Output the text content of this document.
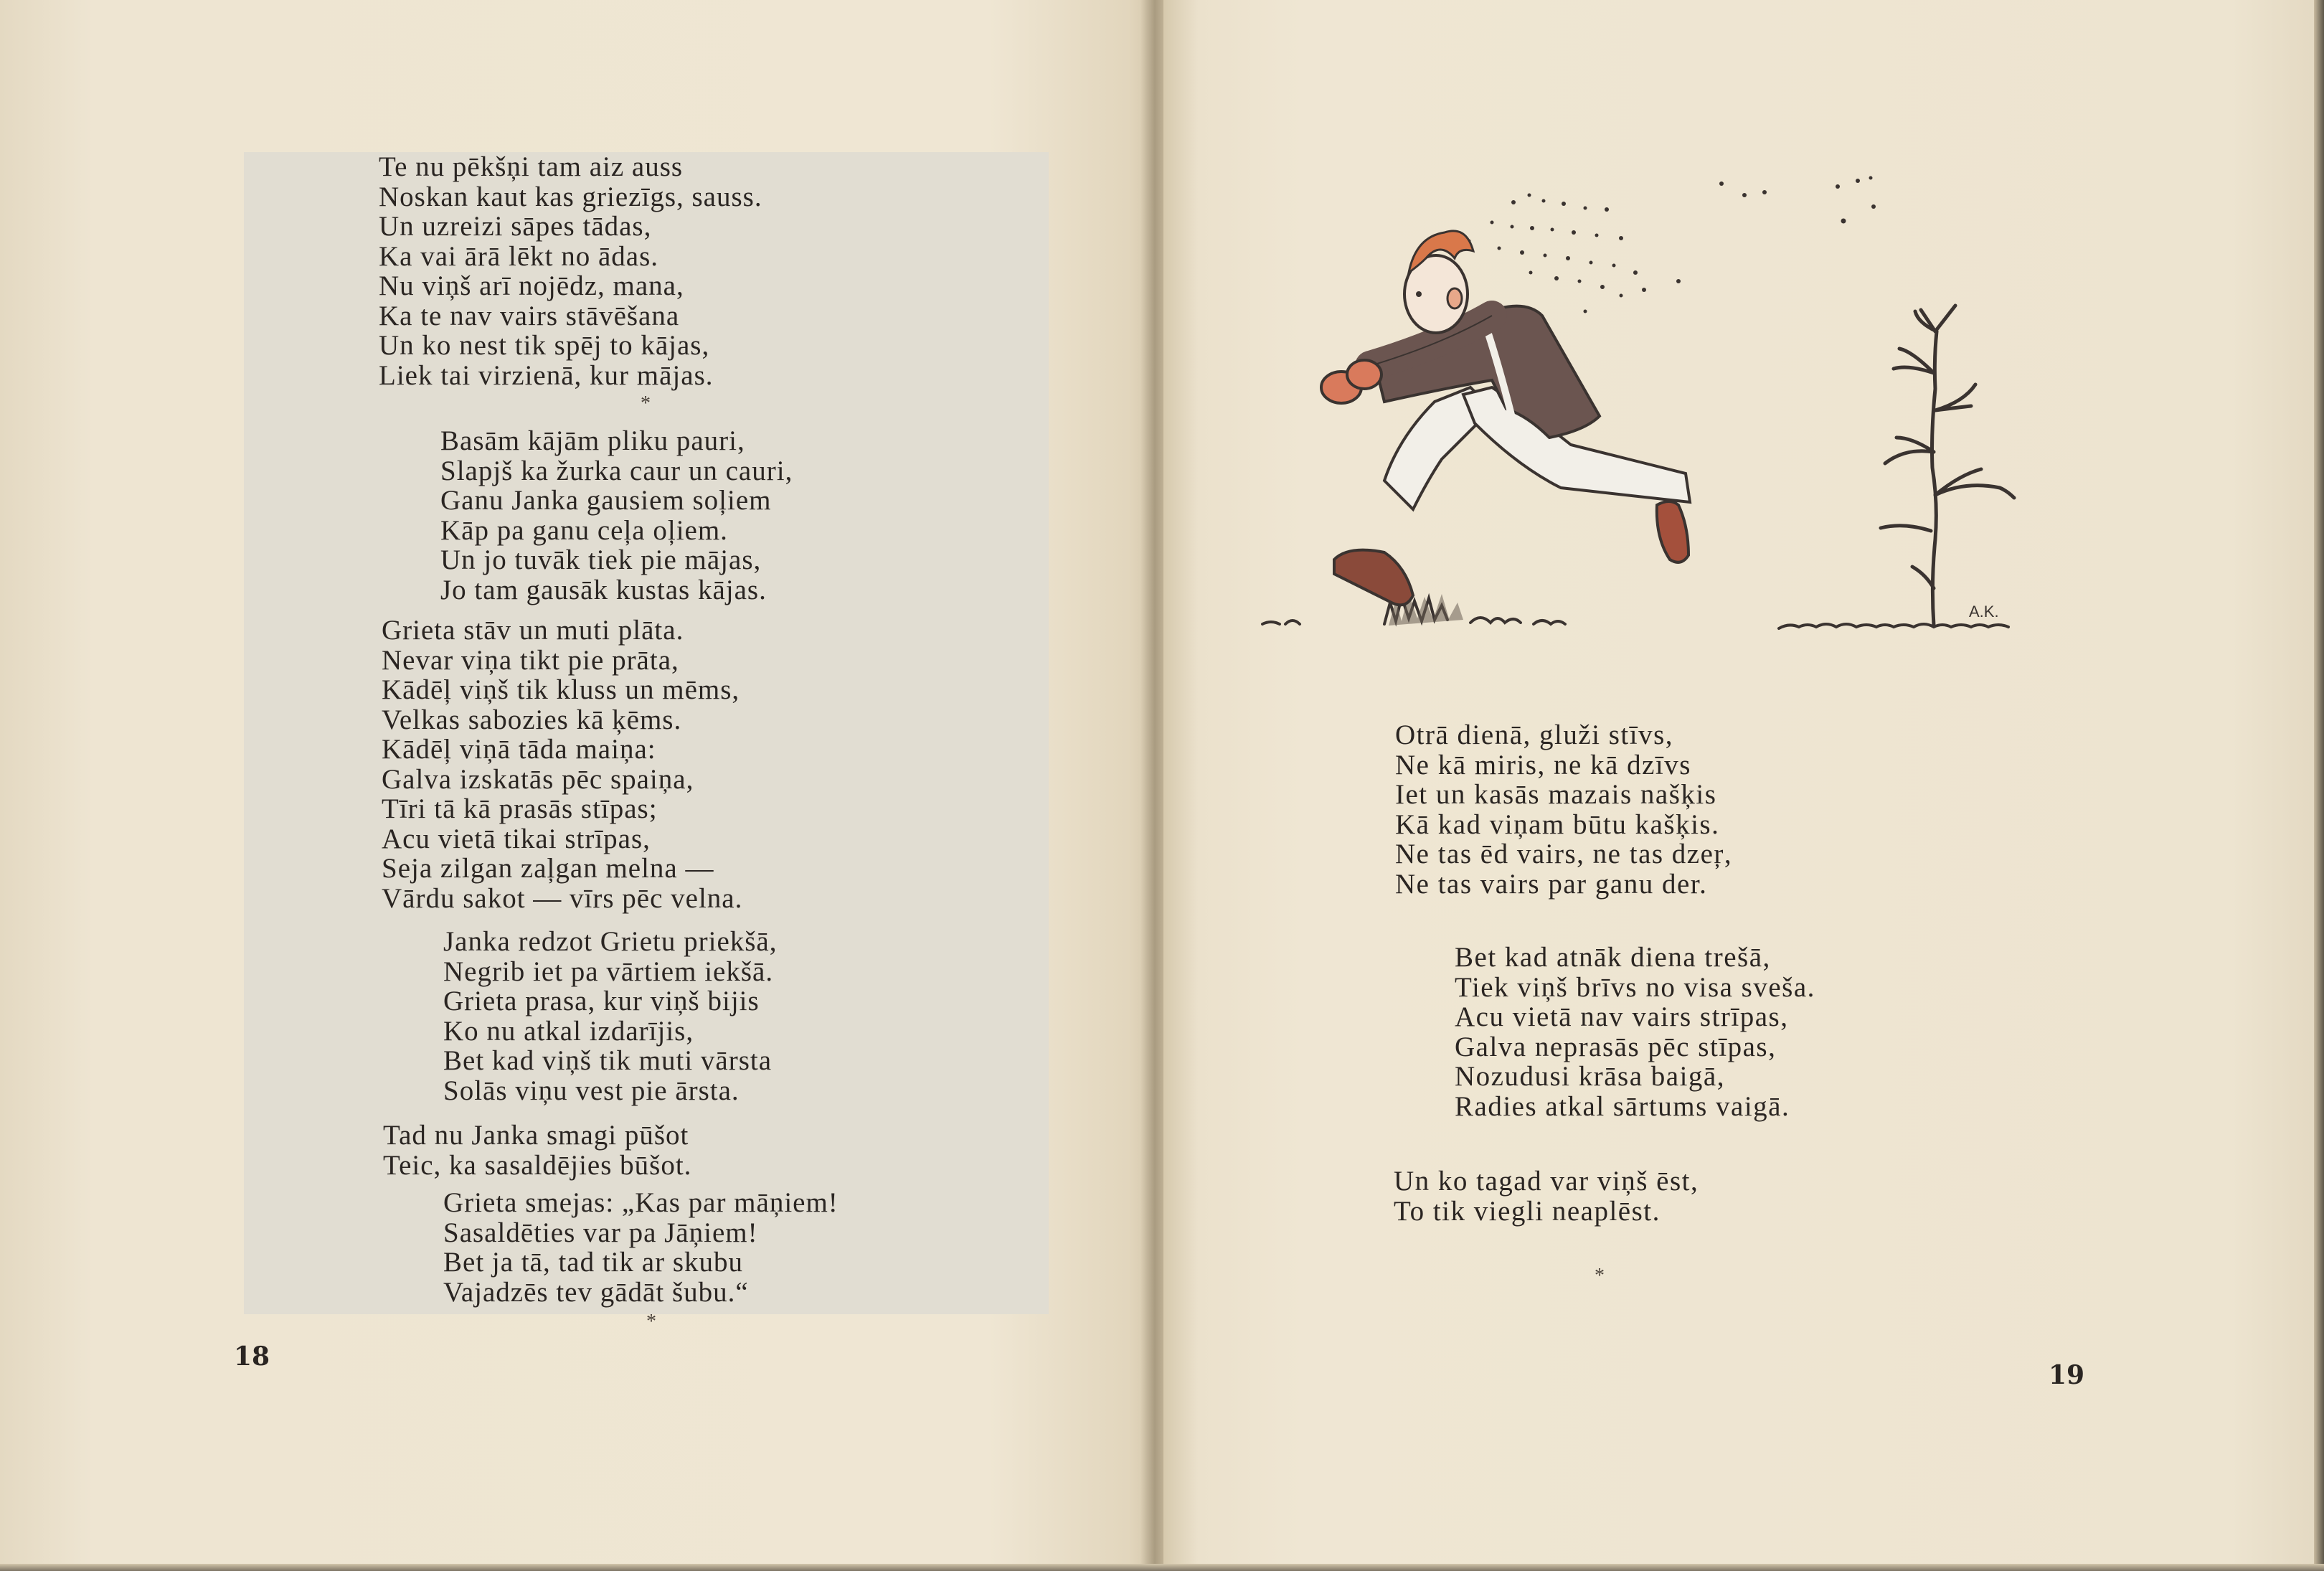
Te nu pēkšņi tam aiz auss
Noskan kaut kas griezīgs, sauss.
Un uzreizi sāpes tādas,
Ka vai ārā lēkt no ādas.
Nu viņš arī nojēdz, mana,
Ka te nav vairs stāvēšana
Un ko nest tik spēj to kājas,
Liek tai virzienā, kur mājas.
*
Basām kājām pliku pauri,
Slapjš ka žurka caur un cauri,
Ganu Janka gausiem soļiem
Kāp pa ganu ceļa oļiem.
Un jo tuvāk tiek pie mājas,
Jo tam gausāk kustas kājas.
Grieta stāv un muti plāta.
Nevar viņa tikt pie prāta,
Kādēļ viņš tik kluss un mēms,
Velkas sabozies kā ķēms.
Kādēļ viņā tāda maiņa:
Galva izskatās pēc spaiņa,
Tīri tā kā prasās stīpas;
Acu vietā tikai strīpas,
Seja zilgan zaļgan melna —
Vārdu sakot — vīrs pēc velna.
Janka redzot Grietu priekšā,
Negrib iet pa vārtiem iekšā.
Grieta prasa, kur viņš bijis
Ko nu atkal izdarījis,
Bet kad viņš tik muti vārsta
Solās viņu vest pie ārsta.
Tad nu Janka smagi pūšot
Teic, ka sasaldējies būšot.
Grieta smejas: „Kas par māņiem!
Sasaldēties var pa Jāņiem!
Bet ja tā, tad tik ar skubu
Vajadzēs tev gādāt šubu.“
*
18
A.K.
Otrā dienā, gluži stīvs,
Ne kā miris, ne kā dzīvs
Iet un kasās mazais našķis
Kā kad viņam būtu kašķis.
Ne tas ēd vairs, ne tas dzeŗ,
Ne tas vairs par ganu der.
Bet kad atnāk diena trešā,
Tiek viņš brīvs no visa sveša.
Acu vietā nav vairs strīpas,
Galva neprasās pēc stīpas,
Nozudusi krāsa baigā,
Radies atkal sārtums vaigā.
Un ko tagad var viņš ēst,
To tik viegli neaplēst.
*
19
